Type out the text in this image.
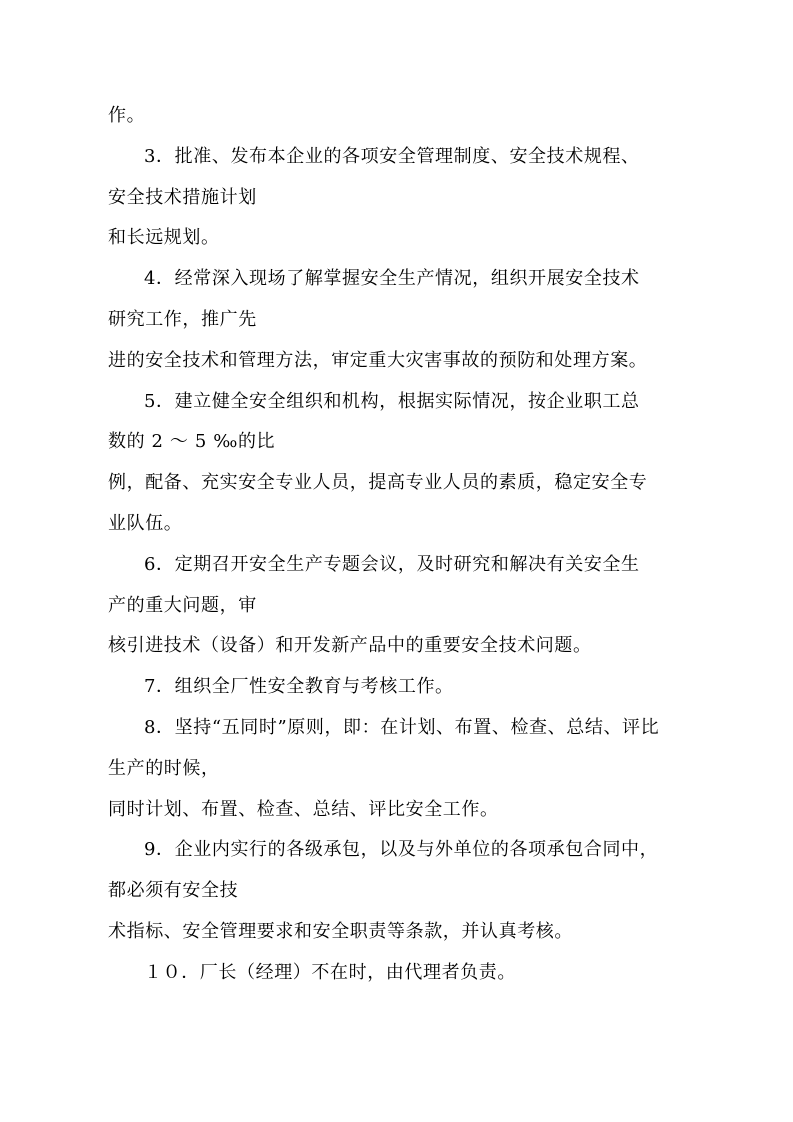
作。
3．批准、发布本企业的各项安全管理制度、安全技术规程、
安全技术措施计划
和长远规划。
4．经常深入现场了解掌握安全生产情况，组织开展安全技术
研究工作，推广先
进的安全技术和管理方法，审定重大灾害事故的预防和处理方案。
5．建立健全安全组织和机构，根据实际情况，按企业职工总
数的 2 ～ 5 ‰的比
例，配备、充实安全专业人员，提高专业人员的素质，稳定安全专
业队伍。
6．定期召开安全生产专题会议，及时研究和解决有关安全生
产的重大问题，审
核引进技术（设备）和开发新产品中的重要安全技术问题。
7．组织全厂性安全教育与考核工作。
8．坚持“五同时”原则，即：在计划、布置、检查、总结、评比
生产的时候，
同时计划、布置、检查、总结、评比安全工作。
9．企业内实行的各级承包，以及与外单位的各项承包合同中，
都必须有安全技
术指标、安全管理要求和安全职责等条款，并认真考核。
１０．厂长（经理）不在时，由代理者负责。
